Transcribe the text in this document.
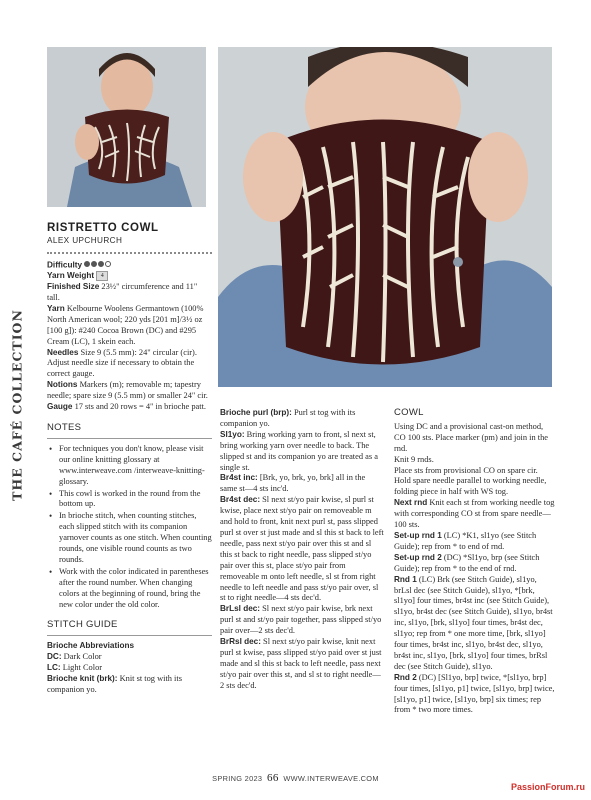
THE CAFÉ COLLECTION
RISTRETTO COWL
ALEX UPCHURCH

Difficulty

Yarn Weight 4

Finished Size 23½" circumference and 11" tall.

Yarn Kelbourne Woolens Germantown (100% North American wool; 220 yds [201 m]/3½ oz [100 g]): #240 Cocoa Brown (DC) and #295 Cream (LC), 1 skein each.

Needles Size 9 (5.5 mm): 24" circular (cir). Adjust needle size if necessary to obtain the correct gauge.

Notions Markers (m); removable m; tapestry needle; spare size 9 (5.5 mm) or smaller 24" cir.

Gauge 17 sts and 20 rows = 4" in brioche patt.

NOTES
• For techniques you don't know, please visit our online knitting glossary at www.interweave.com /interweave-knitting-glossary.
• This cowl is worked in the round from the bottom up.
• In brioche stitch, when counting stitches, each slipped stitch with its companion yarnover counts as one stitch. When counting rounds, one visible round counts as two rounds.
• Work with the color indicated in parentheses after the round number. When changing colors at the beginning of round, bring the new color under the old color.
STITCH GUIDE

Brioche Abbreviations

DC: Dark Color

LC: Light Color

Brioche knit (brk): Knit st tog with its companion yo.

Brioche purl (brp): Purl st tog with its companion yo.

Sl1yo: Bring working yarn to front, sl next st, bring working yarn over needle to back. The slipped st and its companion yo are treated as a single st.

Br4st inc: [Brk, yo, brk, yo, brk] all in the same st—4 sts inc'd.

Br4st dec: Sl next st/yo pair kwise, sl purl st kwise, place next st/yo pair on removeable m and hold to front, knit next purl st, pass slipped purl st over st just made and sl this st back to left needle, pass next st/yo pair over this st and sl this st back to right needle, pass slipped st/yo pair over this st, place st/yo pair from removeable m onto left needle, sl st from right needle to left needle and pass st/yo pair over, sl st to right needle—4 sts dec'd.

BrLsl dec: Sl next st/yo pair kwise, brk next purl st and st/yo pair together, pass slipped st/yo pair over—2 sts dec'd.

BrRsl dec: Sl next st/yo pair kwise, knit next purl st kwise, pass slipped st/yo paid over st just made and sl this st back to left needle, pass next st/yo pair over this st, and sl st to right needle—2 sts dec'd.

COWL

Using DC and a provisional cast-on method, CO 100 sts. Place marker (pm) and join in the rnd.

Knit 9 rnds.

Place sts from provisional CO on spare cir. Hold spare needle parallel to working needle, folding piece in half with WS tog.

Next rnd Knit each st from working needle tog with corresponding CO st from spare needle—100 sts.

Set-up rnd 1 (LC) *K1, sl1yo (see Stitch Guide); rep from * to end of rnd.

Set-up rnd 2 (DC) *Sl1yo, brp (see Stitch Guide); rep from * to the end of rnd.

Rnd 1 (LC) Brk (see Stitch Guide), sl1yo, brLsl dec (see Stitch Guide), sl1yo, *[brk, sl1yo] four times, br4st inc (see Stitch Guide), sl1yo, br4st dec (see Stitch Guide), sl1yo, br4st inc, sl1yo, [brk, sl1yo] four times, br4st dec, sl1yo; rep from * one more time, [brk, sl1yo] four times, br4st inc, sl1yo, br4st dec, sl1yo, br4st inc, sl1yo, [brk, sl1yo] four times, brRsl dec (see Stitch Guide), sl1yo.

Rnd 2 (DC) [Sl1yo, brp] twice, *[sl1yo, brp] four times, [sl1yo, p1] twice, [sl1yo, brp] twice, [sl1yo, p1] twice, [sl1yo, brp] six times; rep from * two more times.

SPRING 2023 66 WWW.INTERWEAVE.COM
PassionForum.ru
